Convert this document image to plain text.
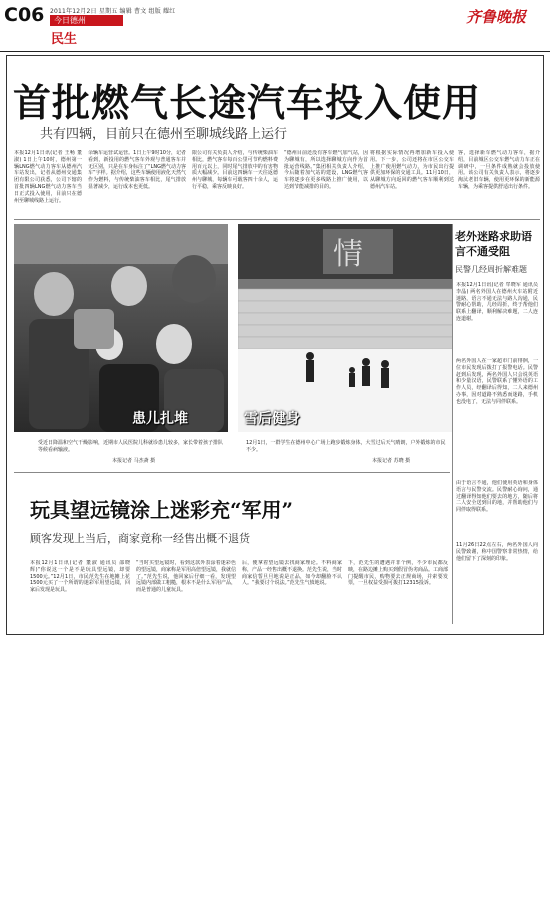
C06 2011年12月2日 星期五 编辑 曹文 组版 耀红
今日德州
民生
齐鲁晚报
首批燃气长途汽车投入使用
共有四辆，目前只在德州至聊城线路上运行
本报12月1日讯(记者 王畅 董淑) 1日上午10时，德州第一辆LNG燃气动力客车从德州汽车站发出，记者从德州交通集团有限公司获悉，公司下辖的首批四辆LNG燃气动力客车当日正式投入使用，目前只在德州至聊城线路上运行。
余辆车运营试运营。1日上午9时10分，记者看到，新投用的燃气客车外观与普通客车并无区别，只是在车身标注了“LNG燃气动力客车”字样。据介绍，这些车辆使用液化天然气作为燃料，与传统柴油客车相比，尾气排放显著减少，运行成本也更低。
限公司有关负责人介绍，与传统柴油车相比，燃气客车每百公里可节约燃料费用百元以上，同时尾气排放中的有害物质大幅减少。目前这四辆车一天往返德州与聊城，每辆车可载客四十余人，运行平稳，乘客反映良好。
“德州目前还没有客车燃气加气站，因为聊城有，所以选择聊城方向作为首批运营线路。”集团相关负责人介绍，今后随着加气站的建设，LNG燃气客车将逐步在更多线路上推广使用，以达到节能减排的目的。
将根据实际情况再增加新车投入使用。下一步，公司还将在市区公交车上推广使用燃气动力，为市民出行提供更加环保的交通工具。11月10日，从聊城方向返回的燃气客车顺利到达德州汽车站。
客，选择新车燃气动力客车，据介绍，目前城区公交车燃气动力车正在调研中，一旦条件成熟就会投放使用。该公司有关负责人表示，将逐步淘汰老旧车辆，使用更环保的新能源车辆，为乘客提供舒适出行条件。
患儿扎堆
情
雪后健身
受近日降温和空气干燥影响，近期市人民医院儿科就诊患儿较多，家长带着孩子排队等候看病输液。
本报记者 马杰斋 摄
12月1日，一群学生在德州中心广场上跑步锻炼身体，大雪过后天气晴朗，户外锻炼的市民不少。
本报记者 苏晓 摄
老外迷路求助语言不通受阻
民警几经周折解难题
本报12月1日讯(记者 牟晓军 通讯员 李晶) 两名外国人在德州火车站附近迷路，语言不通无法与路人沟通，民警耐心帮助，几经周折，终于帮他们联系上翻译，顺利解决难题，二人连连道谢。
两名外国人在一家超市门前徘徊，一位市民发现后拨打了报警电话。民警赶到后发现，两名外国人只会说英语和少量汉语，民警联系了懂外语的工作人员，经翻译后得知，二人来德州办事，因对道路不熟悉而迷路，手机也没电了，无法与同伴联系。
由于语言不通，他们使用英语和身体语言与民警交流。民警耐心询问，通过翻译得知他们要去的地方，随后将二人安全送到目的地，并帮助他们与同伴取得联系。
11月26日22点左右，两名外国人向民警致谢，称中国警察非常热情，给他们留下了深刻的印象。
玩具望远镜涂上迷彩充“军用”
顾客发现上当后，商家竟称一经售出概不退货
本报12月1日讯(记者 董淑 通讯员 邵晓辉)“你说这一个是不是玩具望远镜，却要1500元。”12月1日，市民范先生在地摊上花1500元买了一个所谓的迷彩军用望远镜，回家后发现是玩具。
“当时买望远镜时，看到这款外表涂着迷彩色的望远镜，商家称是军用高倍望远镜，我就信了。”范先生说，他回家后仔细一看，发现望远镜内部做工粗糙，根本不是什么军用产品，而是普通的儿童玩具。
后，便拿着望远镜去找商家理论。不料商家称，产品一经售出概不退换。范先生说，当时商家信誓旦旦地说是正品，如今却翻脸不认人。“我要讨个说法。”范先生气愤地说。
下，范先生的遭遇并非个例，不少市民都反映，在路边摊上购买到假冒伪劣商品。工商部门提醒市民，购物要去正规商场，并索要发票，一旦权益受损可拨打12315投诉。
